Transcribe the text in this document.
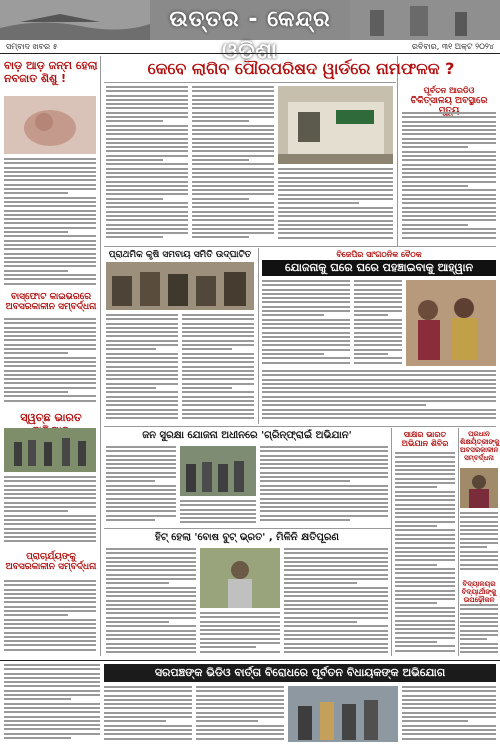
ଉତ୍ତର - କେନ୍ଦ୍ର ଓଡ଼ିଶା
ସମ୍ବାଦ ଖବର ୫	ରବିବାର, ୩୧ ଅକ୍ଟ ୨୦୨୪
ବାଡ଼ ଆଡ଼ ଜନ୍ମ ହେଲା ନବଜାତ ଶିଶୁ !
ବାସ୍‌ଫୋଟ କାଇଭରରେ ଅବସରକାଳୀନ ସମ୍ବର୍ଦ୍ଧନା
ସ୍ୱଚ୍ଛ ଭାରତ
ପ୍ରାଚାର୍ଯ୍ୟଙ୍କୁ ଅବସରକାଳୀନ ସମ୍ବର୍ଦ୍ଧନା
କେବେ ଲାଗିବ ପୌରପରିଷଦ ୱାର୍ଡରେ ନାମଫଳକ ?
ପୂର୍ବତନ ଆରଡିଓ
ଚିକିତ୍ସାଳୟ ଅବସ୍ଥାରେ
ପ୍ରାଥମିକ କୃଷି ସମବାୟ ସମିତି ଉଦ୍‌ଘାଟିତ	ବିଜେପିର ସାଂଗଠନିକ ବୈଠକ
ଯୋଜନାକୁ ଘରେ ଘରେ ପହଞ୍ଚାଇବାକୁ ଆହ୍ୱାନ
ଜନ ସୁରକ୍ଷା ଯୋଜନା ଅଧୀନରେ 'ଗ୍ରିନ୍‌ଫ୍ରାଇଁ ଅଭିଯାନ'
ହିଟ୍ ହେଲା 'ବୋଷ ବୁଟ୍ ଭ୍ରତ' , ମିଳିନି କ୍ଷତିପୂରଣ
ସାକ୍ଷର ଭାରତ ଅଭିଯାନ ଶିବିର
ପ୍ରଧାନ ଶିକ୍ଷୟିତ୍ରୀଙ୍କୁ ଅବସରକାଳୀନ ସମ୍ବର୍ଦ୍ଧନା
ବିଦ୍ୟାଳୟର ବିଦ୍ୟାର୍ଥୀଙ୍କୁ ଉପଢ଼ୌକନ
ସରପଞ୍ଚଙ୍କ ଭିଡିଓ ବାର୍ତ୍ତା ବିରୋଧରେ ପୂର୍ବତନ ବିଧାୟକଙ୍କ ଅଭିଯୋଗ
